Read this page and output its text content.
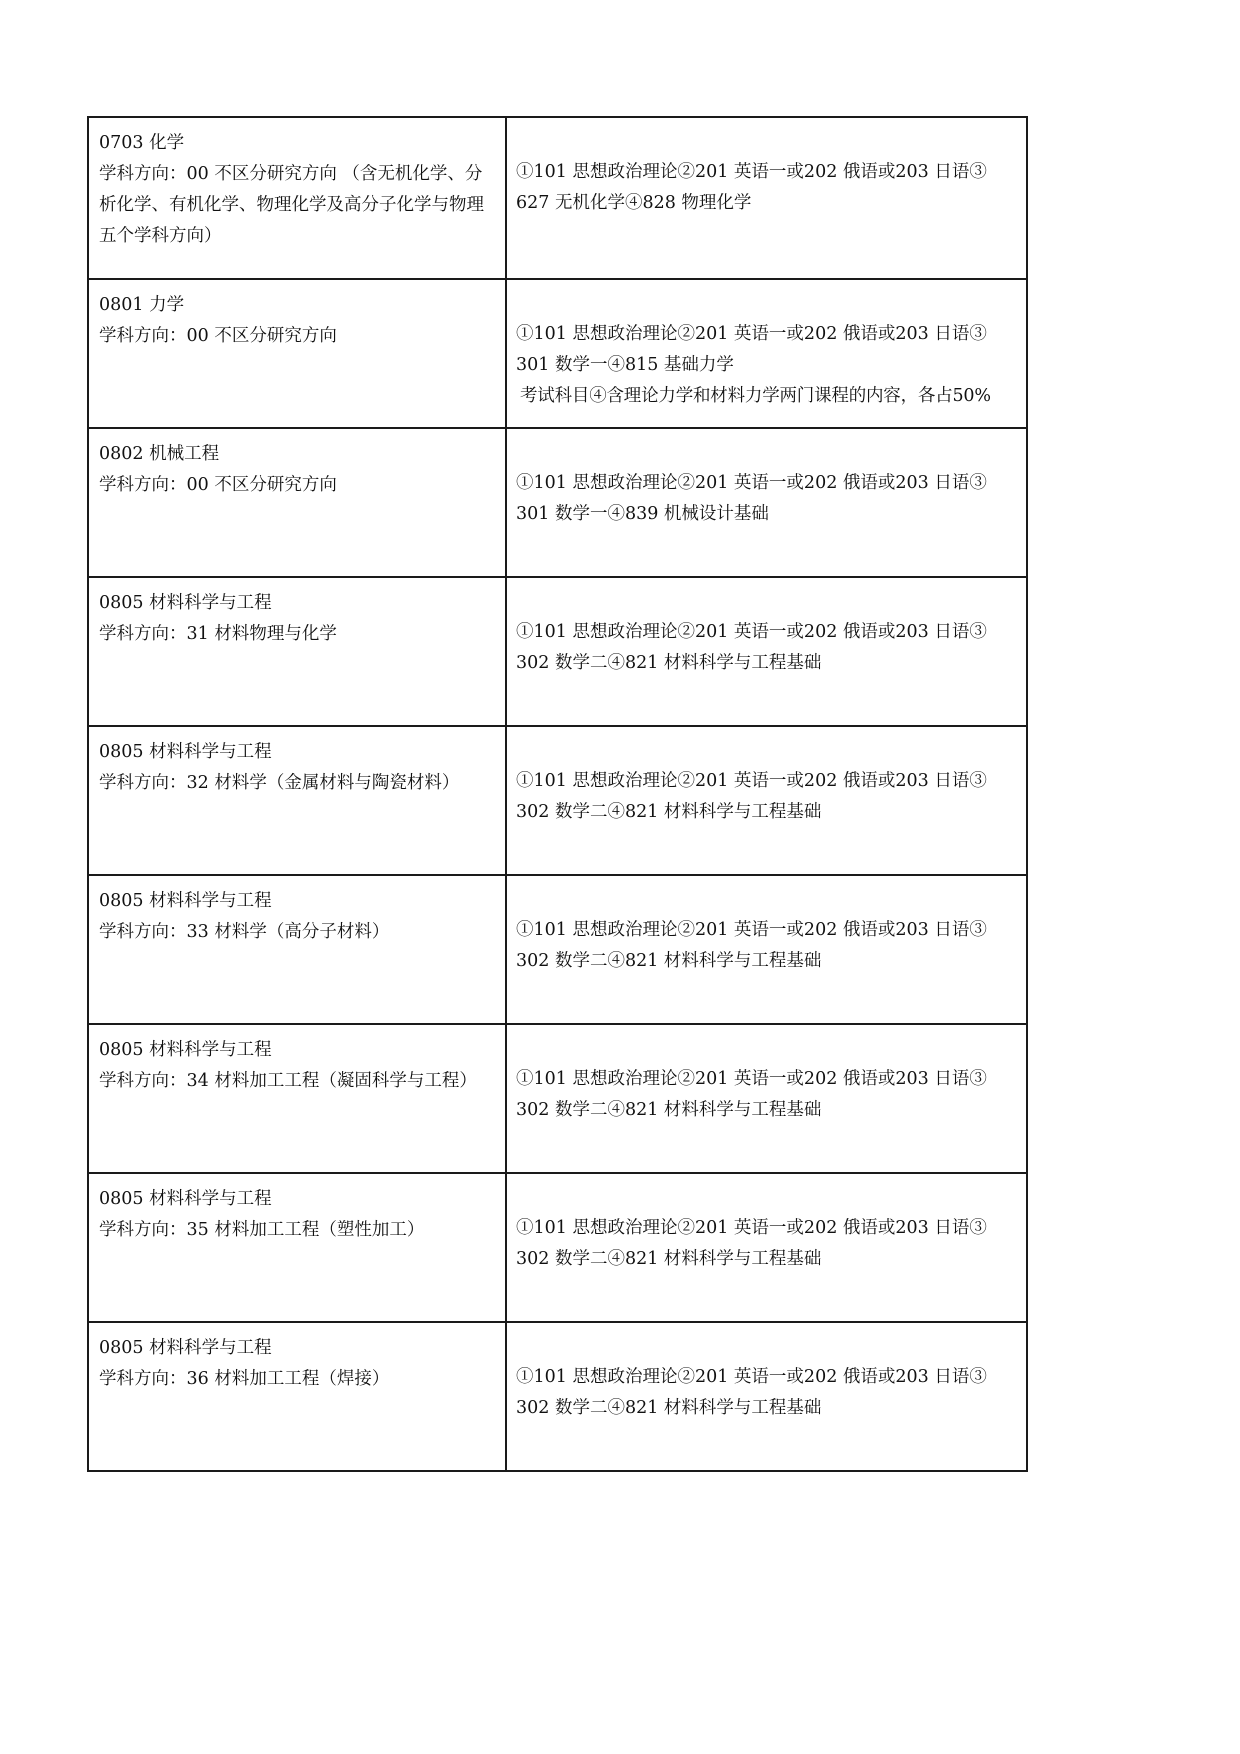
0703 化学
学科方向：00 不区分研究方向 （含无机化学、分析化学、有机化学、物理化学及高分子化学与物理五个学科方向）	①101 思想政治理论②201 英语一或202 俄语或203 日语③
627 无机化学④828 物理化学

0801 力学
学科方向：00 不区分研究方向	①101 思想政治理论②201 英语一或202 俄语或203 日语③
301 数学一④815 基础力学
考试科目④含理论力学和材料力学两门课程的内容，各占50%

0802 机械工程
学科方向：00 不区分研究方向	①101 思想政治理论②201 英语一或202 俄语或203 日语③
301 数学一④839 机械设计基础

0805 材料科学与工程
学科方向：31 材料物理与化学	①101 思想政治理论②201 英语一或202 俄语或203 日语③
302 数学二④821 材料科学与工程基础

0805 材料科学与工程
学科方向：32 材料学（金属材料与陶瓷材料）	①101 思想政治理论②201 英语一或202 俄语或203 日语③
302 数学二④821 材料科学与工程基础

0805 材料科学与工程
学科方向：33 材料学（高分子材料）	①101 思想政治理论②201 英语一或202 俄语或203 日语③
302 数学二④821 材料科学与工程基础

0805 材料科学与工程
学科方向：34 材料加工工程（凝固科学与工程）	①101 思想政治理论②201 英语一或202 俄语或203 日语③
302 数学二④821 材料科学与工程基础

0805 材料科学与工程
学科方向：35 材料加工工程（塑性加工）	①101 思想政治理论②201 英语一或202 俄语或203 日语③
302 数学二④821 材料科学与工程基础

0805 材料科学与工程
学科方向：36 材料加工工程（焊接）	①101 思想政治理论②201 英语一或202 俄语或203 日语③
302 数学二④821 材料科学与工程基础
